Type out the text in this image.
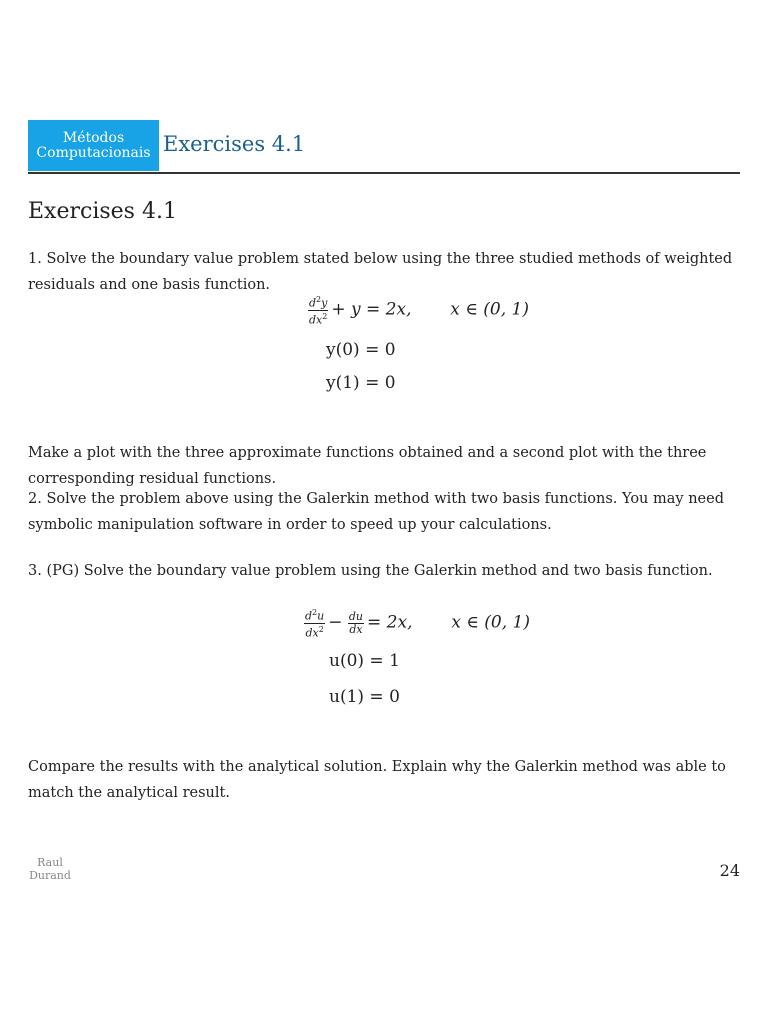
Métodos
Computacionais Exercises 4.1
Exercises 4.1
1. Solve the boundary value problem stated below using the three studied methods of weighted residuals and one basis function.
$\frac{d^2y}{dx^2} + y = 2x$, x ∈ (0, 1)
y(0) = 0
y(1) = 0
Make a plot with the three approximate functions obtained and a second plot with the three corresponding residual functions.
2. Solve the problem above using the Galerkin method with two basis functions. You may need symbolic manipulation software in order to speed up your calculations.
3. (PG) Solve the boundary value problem using the Galerkin method and two basis function.
$\frac{d^2u}{dx^2} - \frac{du}{dx} = 2x$, x ∈ (0, 1)
u(0) = 1
u(1) = 0
Compare the results with the analytical solution. Explain why the Galerkin method was able to match the analytical result.
Raul
Durand	24
